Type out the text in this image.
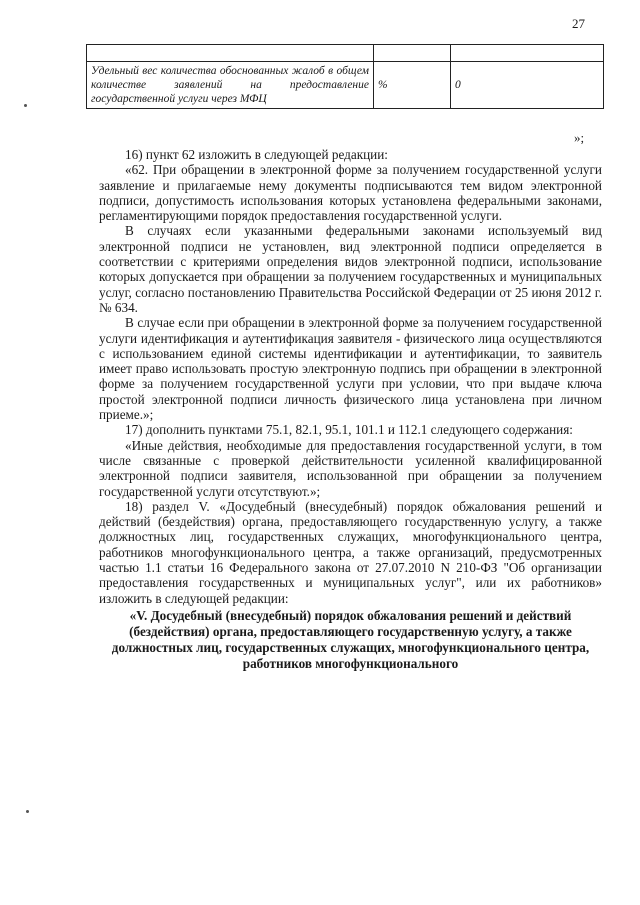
27

Удельный вес количества обоснованных жалоб в общем количестве заявлений на предоставление государственной услуги через МФЦ	%	0
»;

16) пункт 62 изложить в следующей редакции:

«62. При обращении в электронной форме за получением государственной услуги заявление и прилагаемые нему документы подписываются тем видом электронной подписи, допустимость использования которых установлена федеральными законами, регламентирующими порядок предоставления государственной услуги.

В случаях если указанными федеральными законами используемый вид электронной подписи не установлен, вид электронной подписи определяется в соответствии с критериями определения видов электронной подписи, использование которых допускается при обращении за получением государственных и муниципальных услуг, согласно постановлению Правительства Российской Федерации от 25 июня 2012 г. № 634.

В случае если при обращении в электронной форме за получением государственной услуги идентификация и аутентификация заявителя - физического лица осуществляются с использованием единой системы идентификации и аутентификации, то заявитель имеет право использовать простую электронную подпись при обращении в электронной форме за получением государственной услуги при условии, что при выдаче ключа простой электронной подписи личность физического лица установлена при личном приеме.»;

17) дополнить пунктами 75.1, 82.1, 95.1, 101.1 и 112.1 следующего содержания:

«Иные действия, необходимые для предоставления государственной услуги, в том числе связанные с проверкой действительности усиленной квалифицированной электронной подписи заявителя, использованной при обращении за получением государственной услуги отсутствуют.»;

18) раздел V. «Досудебный (внесудебный) порядок обжалования решений и действий (бездействия) органа, предоставляющего государственную услугу, а также должностных лиц, государственных служащих, многофункционального центра, работников многофункционального центра, а также организаций, предусмотренных частью 1.1 статьи 16 Федерального закона от 27.07.2010 N 210-ФЗ "Об организации предоставления государственных и муниципальных услуг", или их работников» изложить в следующей редакции:

«V. Досудебный (внесудебный) порядок обжалования решений и действий (бездействия) органа, предоставляющего государственную услугу, а также должностных лиц, государственных служащих, многофункционального центра, работников многофункционального
